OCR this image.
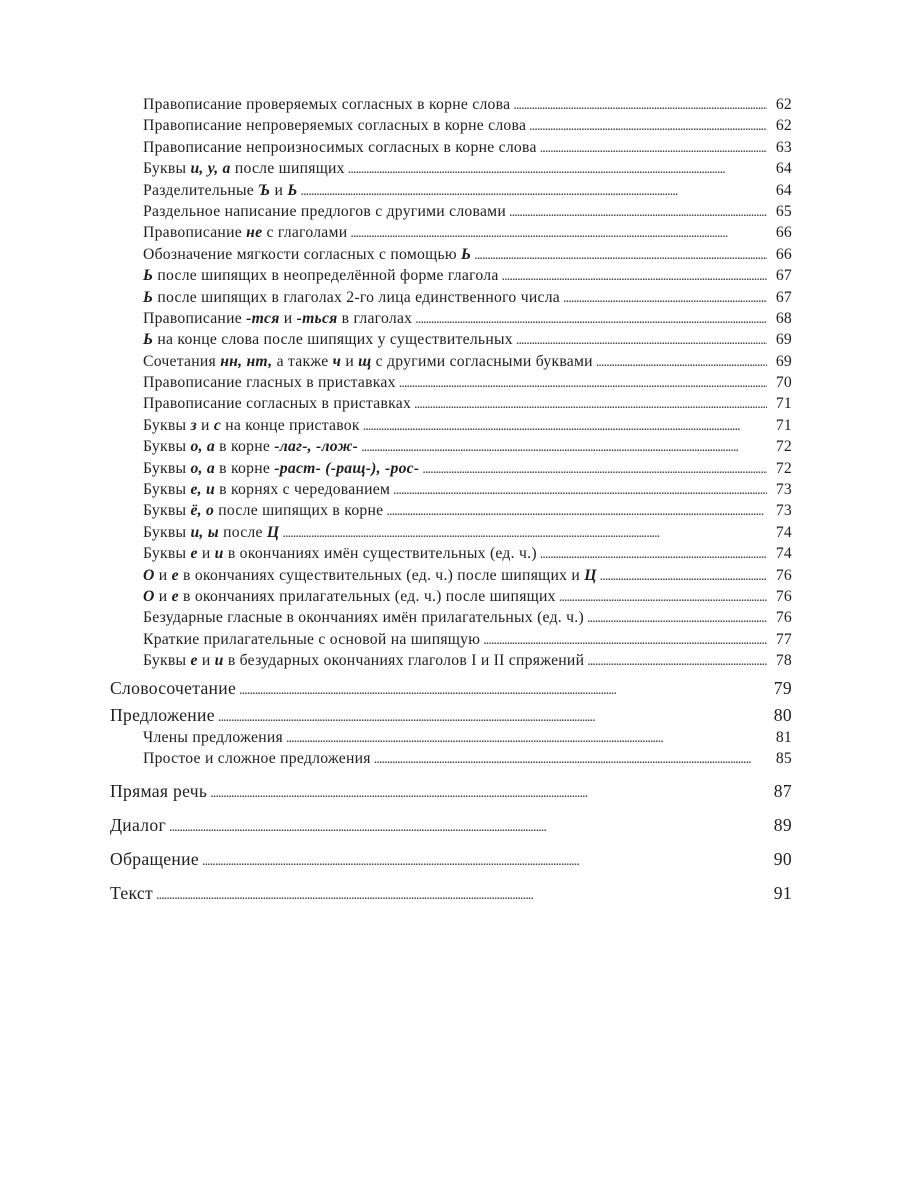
Правописание проверяемых согласных в корне слова . . .	62
Правописание непроверяемых согласных в корне слова . . .	62
Правописание непроизносимых согласных в корне слова . . .	63
Буквы и, у, а после шипящих . . .	64
Разделительные Ъ и Ь . . .	64
Раздельное написание предлогов с другими словами . . .	65
Правописание не с глаголами . . .	66
Обозначение мягкости согласных с помощью Ь . . .	66
Ь после шипящих в неопределённой форме глагола . . .	67
Ь после шипящих в глаголах 2-го лица единственного числа . . .	67
Правописание -тся и -ться в глаголах . . .	68
Ь на конце слова после шипящих у существительных . . .	69
Сочетания нн, нт, а также ч и щ с другими согласными буквами . . .	69
Правописание гласных в приставках . . .	70
Правописание согласных в приставках . . .	71
Буквы з и с на конце приставок . . .	71
Буквы о, а в корне -лаг-, -лож- . . .	72
Буквы о, а в корне -раст- (-ращ-), -рос- . . .	72
Буквы е, и в корнях с чередованием . . .	73
Буквы ё, о после шипящих в корне . . .	73
Буквы и, ы после Ц . . .	74
Буквы е и и в окончаниях имён существительных (ед. ч.) . . .	74
О и е в окончаниях существительных (ед. ч.) после шипящих и Ц . . .	76
О и е в окончаниях прилагательных (ед. ч.) после шипящих . . .	76
Безударные гласные в окончаниях имён прилагательных (ед. ч.) . . .	76
Краткие прилагательные с основой на шипящую . . .	77
Буквы е и и в безударных окончаниях глаголов I и II спряжений . . .	78
Словосочетание . . .	79
Предложение . . .	80
Члены предложения . . .	81
Простое и сложное предложения . . .	85
Прямая речь . . .	87
Диалог . . .	89
Обращение . . .	90
Текст . . .	91
